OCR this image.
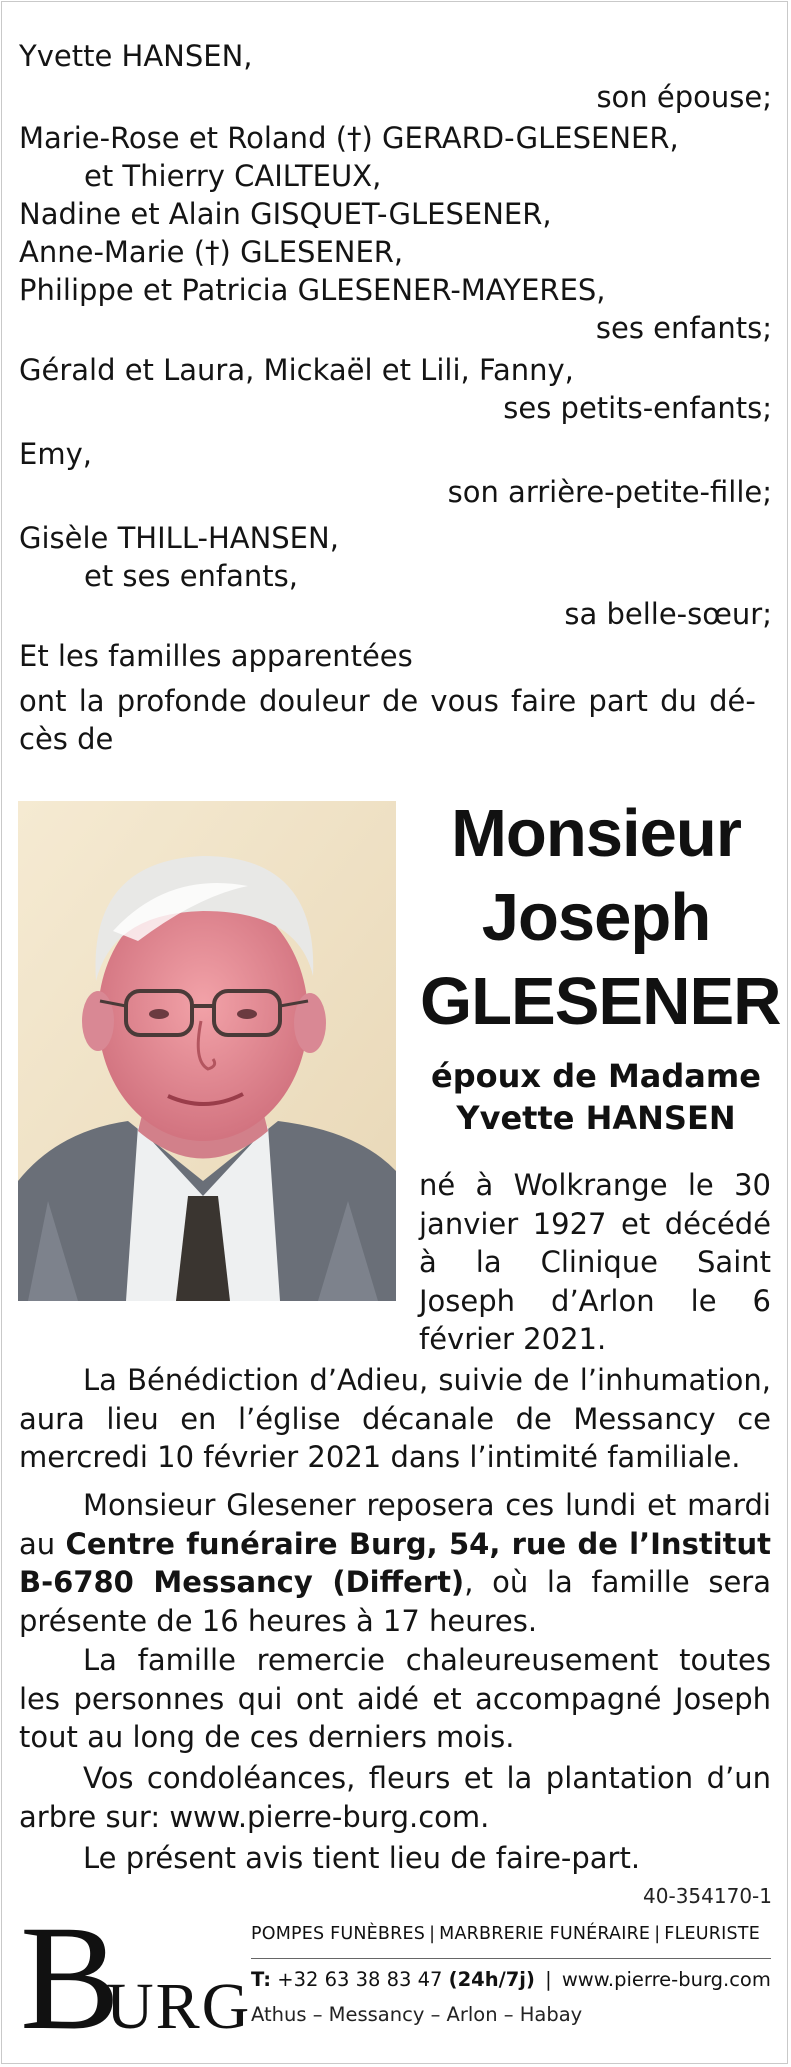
Yvette HANSEN,
son épouse;
Marie-Rose et Roland (†) GERARD-GLESENER,
et Thierry CAILTEUX,
Nadine et Alain GISQUET-GLESENER,
Anne-Marie (†) GLESENER,
Philippe et Patricia GLESENER-MAYERES,
ses enfants;
Gérald et Laura, Mickaël et Lili, Fanny,
ses petits-enfants;
Emy,
son arrière-petite-fille;
Gisèle THILL-HANSEN,
et ses enfants,
sa belle-sœur;
Et les familles apparentées
ont la profonde douleur de vous faire part du dé-
cès de
Monsieur
Joseph
GLESENER
époux de Madame
Yvette HANSEN
né à Wolkrange le 30 janvier 1927 et décédé à la Clinique Saint Joseph d’Arlon le 6 février 2021.
La Bénédiction d’Adieu, suivie de l’inhumation, aura lieu en l’église décanale de Messancy ce mercredi 10 février 2021 dans l’intimité familiale.
Monsieur Glesener reposera ces lundi et mardi au Centre funéraire Burg, 54, rue de l’Institut B-6780 Messancy (Differt), où la famille sera présente de 16 heures à 17 heures.
La famille remercie chaleureusement toutes les personnes qui ont aidé et accompagné Joseph tout au long de ces derniers mois.
Vos condoléances, fleurs et la plantation d’un arbre sur: www.pierre-burg.com.
Le présent avis tient lieu de faire-part.
40-354170-1
B
URG
POMPES FUNÈBRES | MARBRERIE FUNÉRAIRE | FLEURISTE
T: +32 63 38 83 47 (24h/7j) | www.pierre-burg.com
Athus – Messancy – Arlon – Habay
